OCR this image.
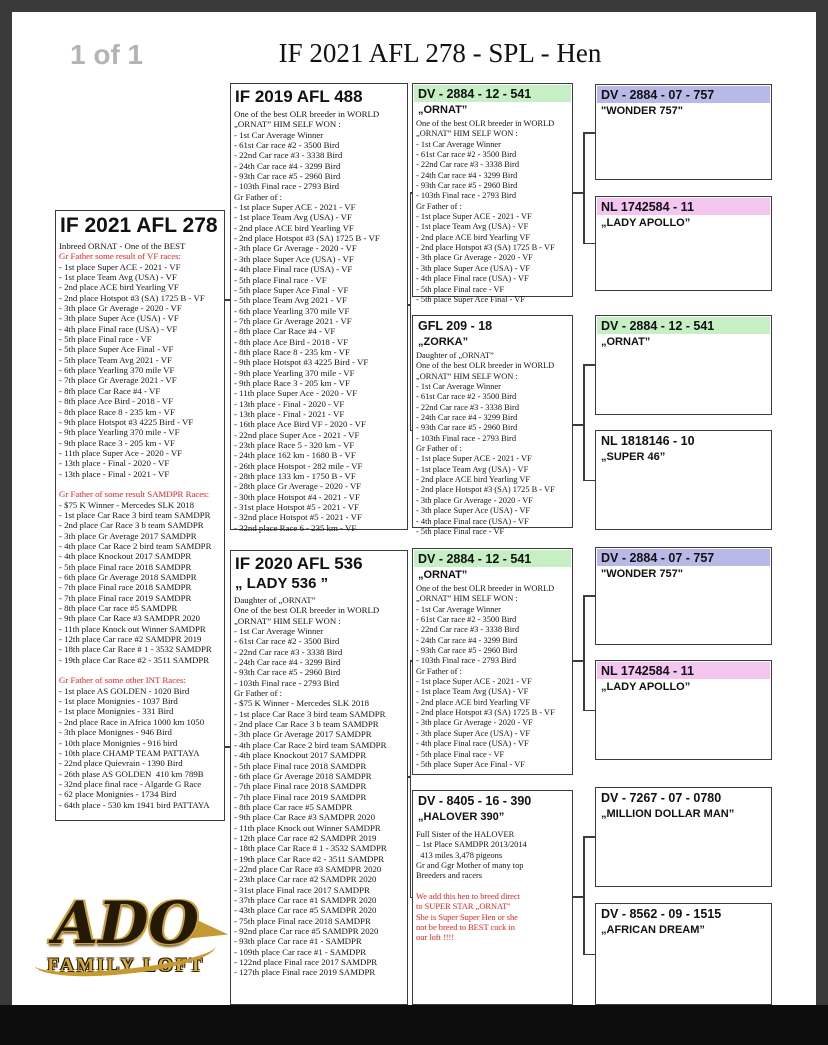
1 of 1	IF 2021 AFL 278 - SPL - Hen
IF 2021 AFL 278
Inbreed ORNAT - One of the BEST
Gr Father some result of VF races:
- 1st place Super ACE - 2021 - VF
- 1st place Team Avg (USA) - VF
- 2nd place ACE bird Yearling VF
- 2nd place Hotspot #3 (SA) 1725 B - VF
- 3th place Gr Average - 2020 - VF
- 3th place Super Ace (USA) - VF
- 4th place Final race (USA) - VF
- 5th place Final race - VF
- 5th place Super Ace Final - VF
- 5th place Team Avg 2021 - VF
- 6th place Yearling 370 mile VF
- 7th place Gr Average 2021 - VF
- 8th place Car Race #4 - VF
- 8th place Ace Bird - 2018 - VF
- 8th place Race 8 - 235 km - VF
- 9th place Hotspot #3 4225 Bird - VF
- 9th place Yearling 370 mile - VF
- 9th place Race 3 - 205 km - VF
- 11th place Super Ace - 2020 - VF
- 13th place - Final - 2020 - VF
- 13th place - Final - 2021 - VF

Gr Father of some result SAMDPR Races:
- $75 K Winner - Mercedes SLK 2018
- 1st place Car Race 3 bird team SAMDPR
- 2nd place Car Race 3 b team SAMDPR
- 3th place Gr Average 2017 SAMDPR
- 4th place Car Race 2 bird team SAMDPR
- 4th place Knockout 2017 SAMDPR
- 5th place Final race 2018 SAMDPR
- 6th place Gr Average 2018 SAMDPR
- 7th place Final race 2018 SAMDPR
- 7th place Final race 2019 SAMDPR
- 8th place Car race #5 SAMDPR
- 9th place Car Race #3 SAMDPR 2020
- 11th place Knock out Winner SAMDPR
- 12th place Car race #2 SAMDPR 2019
- 18th place Car Race # 1 - 3532 SAMDPR
- 19th place Car Race #2 - 3511 SAMDPR

Gr Father of some other INT Races:
- 1st place AS GOLDEN - 1020 Bird
- 1st place Monignies - 1037 Bird
- 1st place Monignies - 331 Bird
- 2nd place Race in Africa 1000 km 1050
- 3th place Monignes - 946 Bird
- 10th place Monignies - 916 bird
- 10th place CHAMP TEAM PATTAYA
- 22nd place Quievrain - 1390 Bird
- 26th plase AS GOLDEN  410 km 789B
- 32nd place final race - Algarde G Race
- 62 place Monignies - 1734 Bird
- 64th place - 530 km 1941 bird PATTAYA
IF 2019 AFL 488
One of the best OLR breeder in WORLD
„ORNAT” HIM SELF WON :
- 1st Car Average Winner
- 61st Car race #2 - 3500 Bird
- 22nd Car race #3 - 3338 Bird
- 24th Car race #4 - 3299 Bird
- 93th Car race #5 - 2960 Bird
- 103th Final race - 2793 Bird
Gr Father of :
- 1st place Super ACE - 2021 - VF
- 1st place Team Avg (USA) - VF
- 2nd place ACE bird Yearling VF
- 2nd place Hotspot #3 (SA) 1725 B - VF
- 3th place Gr Average - 2020 - VF
- 3th place Super Ace (USA) - VF
- 4th place Final race (USA) - VF
- 5th place Final race - VF
- 5th place Super Ace Final - VF
- 5th place Team Avg 2021 - VF
- 6th place Yearling 370 mile VF
- 7th place Gr Average 2021 - VF
- 8th place Car Race #4 - VF
- 8th place Ace Bird - 2018 - VF
- 8th place Race 8 - 235 km - VF
- 9th place Hotspot #3 4225 Bird - VF
- 9th place Yearling 370 mile - VF
- 9th place Race 3 - 205 km - VF
- 11th place Super Ace - 2020 - VF
- 13th place - Final - 2020 - VF
- 13th place - Final - 2021 - VF
- 16th place Ace Bird VF - 2020 - VF
- 22nd place Super Ace - 2021 - VF
- 23th place Race 5 - 320 km - VF
- 24th place 162 km - 1680 B - VF
- 26th place Hotspot - 282 mile - VF
- 28th place 133 km - 1750 B - VF
- 28th place Gr Average - 2020 - VF
- 30th place Hotspot #4 - 2021 - VF
- 31st place Hotspot #5 - 2021 - VF
- 32nd place Hotspot #5 - 2021 - VF
- 32nd place Race 6 - 235 km - VF
IF 2020 AFL 536
„ LADY 536 ”
Daughter of „ORNAT”
One of the best OLR breeder in WORLD
„ORNAT” HIM SELF WON :
- 1st Car Average Winner
- 61st Car race #2 - 3500 Bird
- 22nd Car race #3 - 3338 Bird
- 24th Car race #4 - 3299 Bird
- 93th Car race #5 - 2960 Bird
- 103th Final race - 2793 Bird
Gr Father of :
- $75 K Winner - Mercedes SLK 2018
- 1st place Car Race 3 bird team SAMDPR
- 2nd place Car Race 3 b team SAMDPR
- 3th place Gr Average 2017 SAMDPR
- 4th place Car Race 2 bird team SAMDPR
- 4th place Knockout 2017 SAMDPR
- 5th place Final race 2018 SAMDPR
- 6th place Gr Average 2018 SAMDPR
- 7th place Final race 2018 SAMDPR
- 7th place Final race 2019 SAMDPR
- 8th place Car race #5 SAMDPR
- 9th place Car Race #3 SAMDPR 2020
- 11th place Knock out Winner SAMDPR
- 12th place Car race #2 SAMDPR 2019
- 18th place Car Race # 1 - 3532 SAMDPR
- 19th place Car Race #2 - 3511 SAMDPR
- 22nd place Car Race #3 SAMDPR 2020
- 23th place Car race #2 SAMDPR 2020
- 31st place Final race 2017 SAMDPR
- 37th place Car race #1 SAMDPR 2020
- 43th place Car race #5 SAMDPR 2020
- 75th place Final race 2018 SAMDPR
- 92nd place Car race #5 SAMDPR 2020
- 93th place Car race #1 - SAMDPR
- 109th place Car race #1 - SAMDPR
- 122nd place Final race 2017 SAMDPR
- 127th place Final race 2019 SAMDPR
DV - 2884 - 12 - 541
„ORNAT”
One of the best OLR breeder in WORLD
„ORNAT” HIM SELF WON :
- 1st Car Average Winner
- 61st Car race #2 - 3500 Bird
- 22nd Car race #3 - 3338 Bird
- 24th Car race #4 - 3299 Bird
- 93th Car race #5 - 2960 Bird
- 103th Final race - 2793 Bird
Gr Father of :
- 1st place Super ACE - 2021 - VF
- 1st place Team Avg (USA) - VF
- 2nd place ACE bird Yearling VF
- 2nd place Hotspot #3 (SA) 1725 B - VF
- 3th place Gr Average - 2020 - VF
- 3th place Super Ace (USA) - VF
- 4th place Final race (USA) - VF
- 5th place Final race - VF
- 5th place Super Ace Final - VF
GFL 209 - 18
„ZORKA”
Daughter of „ORNAT”
One of the best OLR breeder in WORLD
„ORNAT” HIM SELF WON :
- 1st Car Average Winner
- 61st Car race #2 - 3500 Bird
- 22nd Car race #3 - 3338 Bird
- 24th Car race #4 - 3299 Bird
- 93th Car race #5 - 2960 Bird
- 103th Final race - 2793 Bird
Gr Father of :
- 1st place Super ACE - 2021 - VF
- 1st place Team Avg (USA) - VF
- 2nd place ACE bird Yearling VF
- 2nd place Hotspot #3 (SA) 1725 B - VF
- 3th place Gr Average - 2020 - VF
- 3th place Super Ace (USA) - VF
- 4th place Final race (USA) - VF
- 5th place Final race - VF
DV - 2884 - 12 - 541
„ORNAT”
One of the best OLR breeder in WORLD
„ORNAT” HIM SELF WON :
- 1st Car Average Winner
- 61st Car race #2 - 3500 Bird
- 22nd Car race #3 - 3338 Bird
- 24th Car race #4 - 3299 Bird
- 93th Car race #5 - 2960 Bird
- 103th Final race - 2793 Bird
Gr Father of :
- 1st place Super ACE - 2021 - VF
- 1st place Team Avg (USA) - VF
- 2nd place ACE bird Yearling VF
- 2nd place Hotspot #3 (SA) 1725 B - VF
- 3th place Gr Average - 2020 - VF
- 3th place Super Ace (USA) - VF
- 4th place Final race (USA) - VF
- 5th place Final race - VF
- 5th place Super Ace Final - VF
DV - 8405 - 16 - 390
„HALOVER 390”
Full Sister of the HALOVER
– 1st Place SAMDPR 2013/2014
413 miles 3,478 pigeons
Gr and Ggr Mother of many top
Breeders and racers

We add this hen to breed direct
to SUPER STAR „ORNAT''
She is Super Super Hen or she
not be breed to BEST cock in
our loft !!!!
DV - 2884 - 07 - 757
"WONDER 757"
NL 1742584 - 11
„LADY APOLLO”
DV - 2884 - 12 - 541
„ORNAT”
NL 1818146 - 10
„SUPER 46”
DV - 2884 - 07 - 757
"WONDER 757"
NL 1742584 - 11
„LADY APOLLO”
DV - 7267 - 07 - 0780
„MILLION DOLLAR MAN”
DV - 8562 - 09 - 1515
„AFRICAN DREAM”
ADO
FAMILY LOFT
